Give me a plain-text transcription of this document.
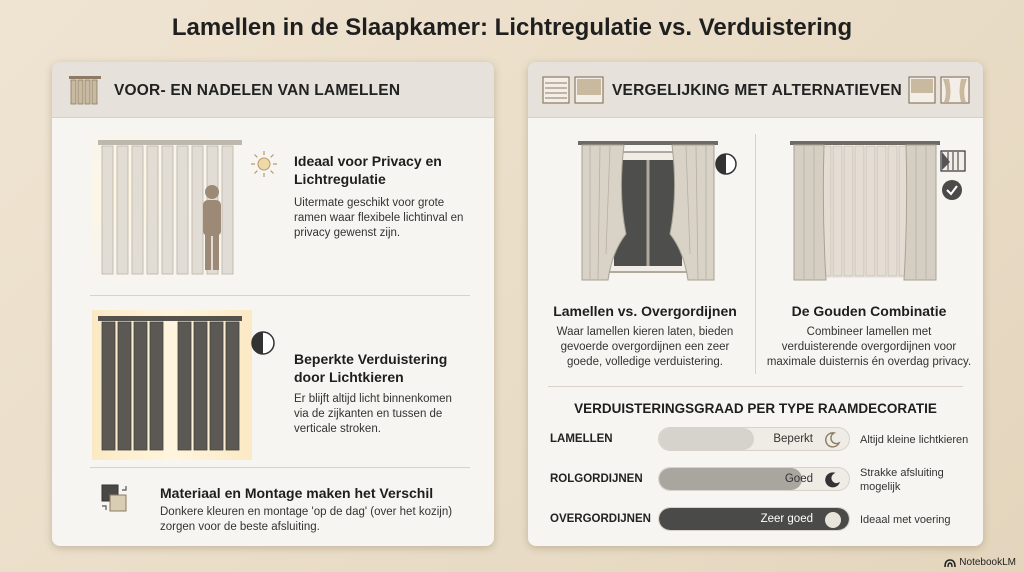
Lamellen in de Slaapkamer: Lichtregulatie vs. Verduistering
VOOR- EN NADELEN VAN LAMELLEN
Ideaal voor Privacy en
Lichtregulatie
Uitermate geschikt voor grote
ramen waar flexibele lichtinval en
privacy gewenst zijn.
Beperkte Verduistering
door Lichtkieren
Er blijft altijd licht binnenkomen
via de zijkanten en tussen de
verticale stroken.
Materiaal en Montage maken het Verschil
Donkere kleuren en montage 'op de dag' (over het kozijn)
zorgen voor de beste afsluiting.
VERGELIJKING MET ALTERNATIEVEN
Lamellen vs. Overgordijnen
Waar lamellen kieren laten, bieden
gevoerde overgordijnen een zeer
goede, volledige verduistering.
De Gouden Combinatie
Combineer lamellen met
verduisterende overgordijnen voor
maximale duisternis én overdag privacy.
VERDUISTERINGSGRAAD PER TYPE RAAMDECORATIE
LAMELLEN	Beperkt	Altijd kleine lichtkieren
ROLGORDIJNEN	Goed	Strakke afsluiting
mogelijk
OVERGORDIJNEN	Zeer goed	Ideaal met voering
NotebookLM
